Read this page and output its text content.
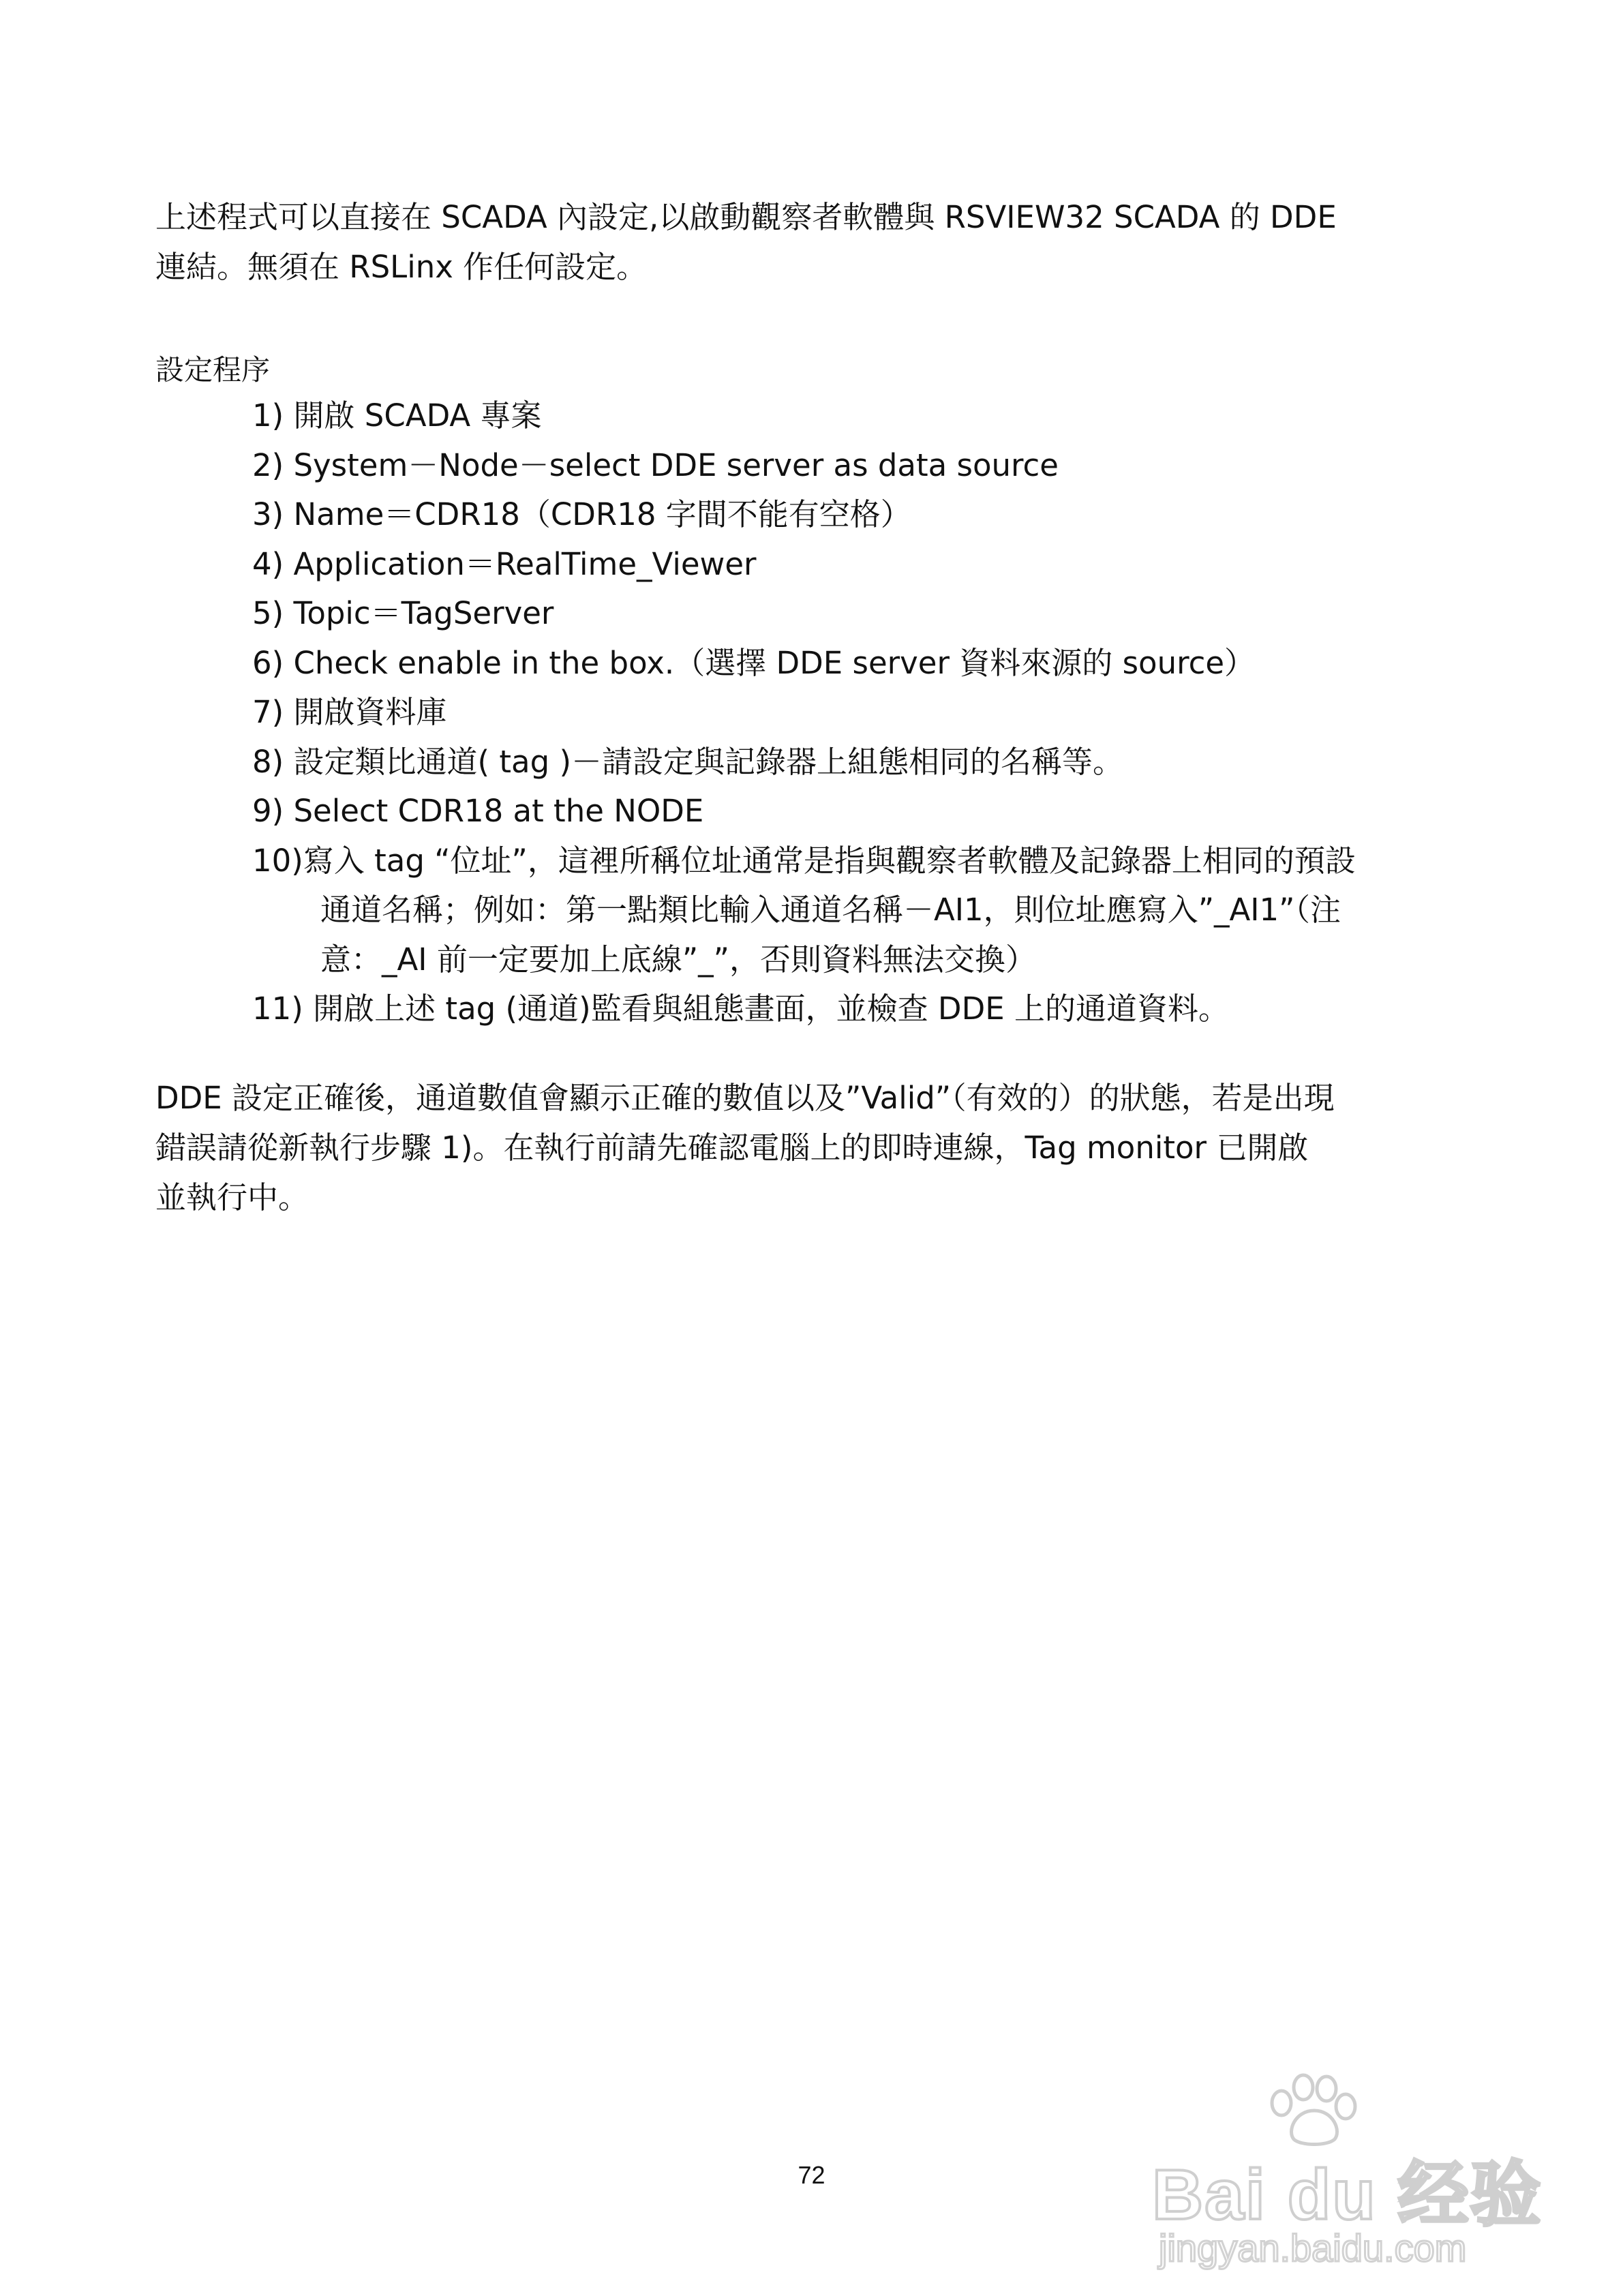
上述程式可以直接在 SCADA 內設定,以啟動觀察者軟體與 RSVIEW32 SCADA 的 DDE
連結。無須在 RSLinx 作任何設定。

設定程序

1) 開啟 SCADA 專案
2) System－Node－select DDE server as data source
3) Name＝CDR18（CDR18 字間不能有空格）
4) Application＝RealTime_Viewer
5) Topic＝TagServer
6) Check enable in the box.（選擇 DDE server 資料來源的 source）
7) 開啟資料庫
8) 設定類比通道( tag )－請設定與記錄器上組態相同的名稱等。
9) Select CDR18 at the NODE
10)寫入 tag “位址”，這裡所稱位址通常是指與觀察者軟體及記錄器上相同的預設
通道名稱；例如：第一點類比輸入通道名稱－AI1，則位址應寫入”_AI1”（注
意：_AI 前一定要加上底線”_”，否則資料無法交換）
11) 開啟上述 tag (通道)監看與組態畫面，並檢查 DDE 上的通道資料。

DDE 設定正確後，通道數值會顯示正確的數值以及”Valid”（有效的）的狀態，若是出現
錯誤請從新執行步驟 1)。在執行前請先確認電腦上的即時連線，Tag monitor 已開啟
並執行中。

72	Bai du 经验
jingyan.baidu.com
